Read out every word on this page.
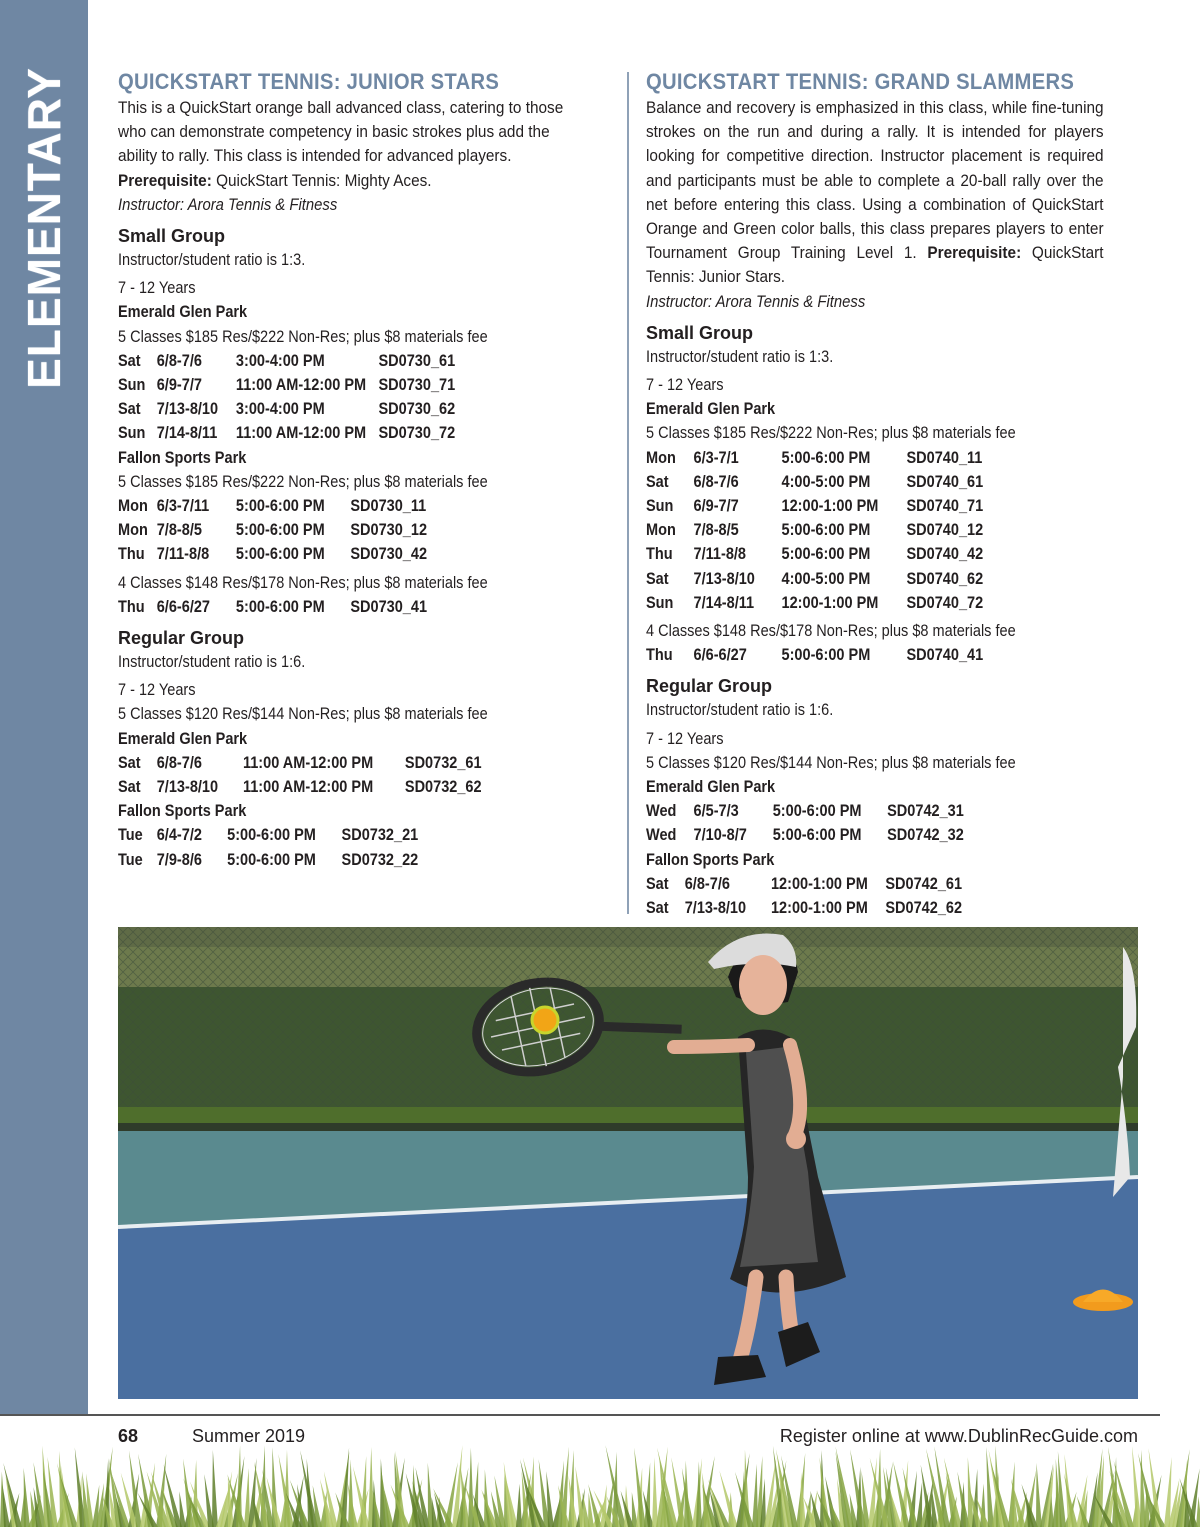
ELEMENTARY QUICKSTART TENNIS: JUNIOR STARS

This is a QuickStart orange ball advanced class, catering to those who can demonstrate competency in basic strokes plus add the ability to rally. This class is intended for advanced players. Prerequisite: QuickStart Tennis: Mighty Aces.

Instructor: Arora Tennis & Fitness

Small Group

Instructor/student ratio is 1:3.

7 - 12 Years

Emerald Glen Park

5 Classes $185 Res/$222 Non-Res; plus $8 materials fee

Sat 6/8-7/6	3:00-4:00 PM	SD0730_61
Sun 6/9-7/7	11:00 AM-12:00 PM SD0730_71
Sat 7/13-8/10	3:00-4:00 PM	SD0730_62
Sun 7/14-8/11	11:00 AM-12:00 PM SD0730_72

Fallon Sports Park

5 Classes $185 Res/$222 Non-Res; plus $8 materials fee

Mon 6/3-7/11	5:00-6:00 PM	SD0730_11
Mon 7/8-8/5	5:00-6:00 PM	SD0730_12
Thu 7/11-8/8	5:00-6:00 PM	SD0730_42

4 Classes $148 Res/$178 Non-Res; plus $8 materials fee

Thu 6/6-6/27	5:00-6:00 PM	SD0730_41
Regular Group

Instructor/student ratio is 1:6.

7 - 12 Years

5 Classes $120 Res/$144 Non-Res; plus $8 materials fee

Emerald Glen Park

Sat 6/8-7/6	11:00 AM-12:00 PM	SD0732_61
Sat 7/13-8/10	11:00 AM-12:00 PM	SD0732_62

Fallon Sports Park

Tue 6/4-7/2	5:00-6:00 PM	SD0732_21
Tue 7/9-8/6	5:00-6:00 PM	SD0732_22
QUICKSTART TENNIS: GRAND SLAMMERS

Balance and recovery is emphasized in this class, while fine-tuning strokes on the run and during a rally. It is intended for players looking for competitive direction. Instructor placement is required and participants must be able to complete a 20-ball rally over the net before entering this class. Using a combination of QuickStart Orange and Green color balls, this class prepares players to enter Tournament Group Training Level 1. Prerequisite: QuickStart Tennis: Junior Stars.

Instructor: Arora Tennis & Fitness

Small Group

Instructor/student ratio is 1:3.

7 - 12 Years

Emerald Glen Park

5 Classes $185 Res/$222 Non-Res; plus $8 materials fee

Mon	6/3-7/1	5:00-6:00 PM	SD0740_11
Sat	6/8-7/6	4:00-5:00 PM	SD0740_61
Sun	6/9-7/7	12:00-1:00 PM	SD0740_71
Mon	7/8-8/5	5:00-6:00 PM	SD0740_12
Thu	7/11-8/8	5:00-6:00 PM	SD0740_42
Sat	7/13-8/10	4:00-5:00 PM	SD0740_62
Sun	7/14-8/11	12:00-1:00 PM	SD0740_72

4 Classes $148 Res/$178 Non-Res; plus $8 materials fee

Thu	6/6-6/27	5:00-6:00 PM	SD0740_41
Regular Group

Instructor/student ratio is 1:6.

7 - 12 Years

5 Classes $120 Res/$144 Non-Res; plus $8 materials fee

Emerald Glen Park

Wed	6/5-7/3	5:00-6:00 PM	SD0742_31
Wed	7/10-8/7	5:00-6:00 PM	SD0742_32

Fallon Sports Park

Sat 6/8-7/6	12:00-1:00 PM	SD0742_61
Sat 7/13-8/10	12:00-1:00 PM	SD0742_62
68	Summer 2019	Register online at www.DublinRecGuide.com
